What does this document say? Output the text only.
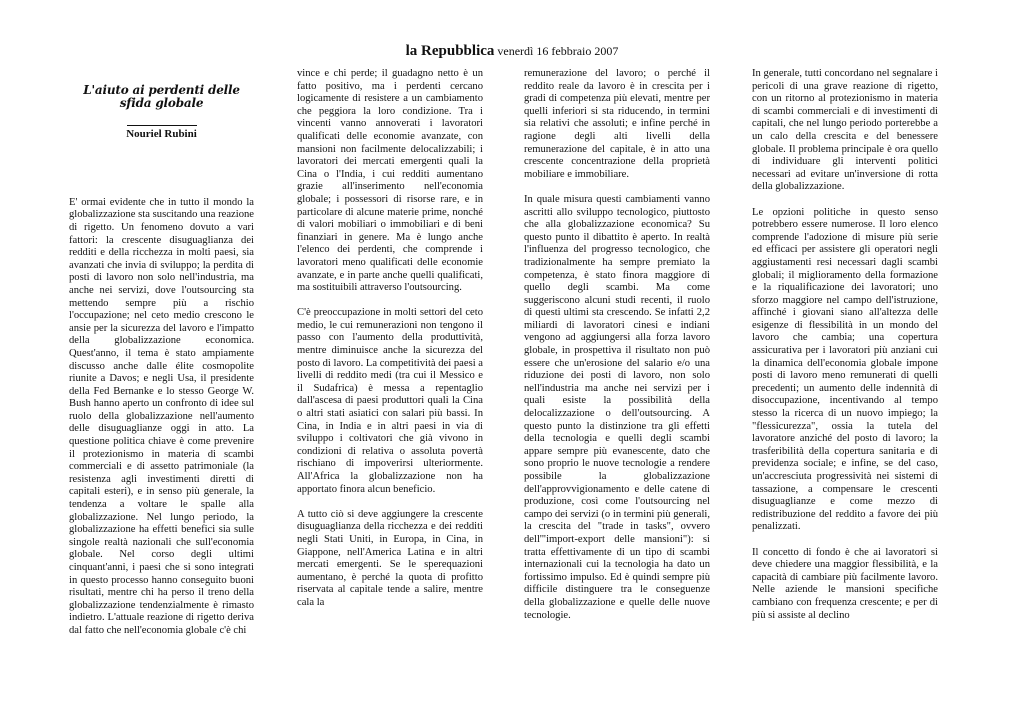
la Repubblica venerdì 16 febbraio 2007
L'aiuto ai perdenti delle sfida globale
Nouriel Rubini

E' ormai evidente che in tutto il mondo la globalizzazione sta suscitando una reazione di rigetto. Un fenomeno dovuto a vari fattori: la crescente disuguaglianza dei redditi e della ricchezza in molti paesi, sia avanzati che invia di sviluppo; la perdita di posti di lavoro non solo nell'industria, ma anche nei servizi, dove l'outsourcing sta mettendo sempre più a rischio l'occupazione; nel ceto medio crescono le ansie per la sicurezza del lavoro e l'impatto della globalizzazione economica. Quest'anno, il tema è stato ampiamente discusso anche dalle élite cosmopolite riunite a Davos; e negli Usa, il presidente della Fed Bernanke e lo stesso George W. Bush hanno aperto un confronto di idee sul ruolo della globalizzazione nell'aumento delle disuguaglianze oggi in atto. La questione politica chiave è come prevenire il protezionismo in materia di scambi commerciali e di assetto patrimoniale (la resistenza agli investimenti diretti di capitali esteri), e in senso più generale, la tendenza a voltare le spalle alla globalizzazione. Nel lungo periodo, la globalizzazione ha effetti benefici sia sulle singole realtà nazionali che sull'economia globale. Nel corso degli ultimi cinquant'anni, i paesi che si sono integrati in questo processo hanno conseguito buoni risultati, mentre chi ha perso il treno della globalizzazione tendenzialmente è rimasto indietro. L'attuale reazione di rigetto deriva dal fatto che nell'economia globale c'è chi

vince e chi perde; il guadagno netto è un fatto positivo, ma i perdenti cercano logicamente di resistere a un cambiamento che peggiora la loro condizione. Tra i vincenti vanno annoverati i lavoratori qualificati delle economie avanzate, con mansioni non facilmente delocalizzabili; i lavoratori dei mercati emergenti quali la Cina o l'India, i cui redditi aumentano grazie all'inserimento nell'economia globale; i possessori di risorse rare, e in particolare di alcune materie prime, nonché di valori mobiliari o immobiliari e di beni finanziari in genere. Ma è lungo anche l'elenco dei perdenti, che comprende i lavoratori meno qualificati delle economie avanzate, e in parte anche quelli qualificati, ma sostituibili attraverso l'outsourcing.

C'è preoccupazione in molti settori del ceto medio, le cui remunerazioni non tengono il passo con l'aumento della produttività, mentre diminuisce anche la sicurezza del posto di lavoro. La competitività dei paesi a livelli di reddito medi (tra cui il Messico e il Sudafrica) è messa a repentaglio dall'ascesa di paesi produttori quali la Cina o altri stati asiatici con salari più bassi. In Cina, in India e in altri paesi in via di sviluppo i coltivatori che già vivono in condizioni di relativa o assoluta povertà rischiano di impoverirsi ulteriormente. All'Africa la globalizzazione non ha apportato finora alcun beneficio.

A tutto ciò si deve aggiungere la crescente disuguaglianza della ricchezza e dei redditi negli Stati Uniti, in Europa, in Cina, in Giappone, nell'America Latina e in altri mercati emergenti. Se le sperequazioni aumentano, è perché la quota di profitto riservata al capitale tende a salire, mentre cala la

remunerazione del lavoro; o perché il reddito reale da lavoro è in crescita per i gradi di competenza più elevati, mentre per quelli inferiori si sta riducendo, in termini sia relativi che assoluti; e infine perché in ragione degli alti livelli della remunerazione del capitale, è in atto una crescente concentrazione della proprietà mobiliare e immobiliare.

In quale misura questi cambiamenti vanno ascritti allo sviluppo tecnologico, piuttosto che alla globalizzazione economica? Su questo punto il dibattito è aperto. In realtà l'influenza del progresso tecnologico, che tradizionalmente ha sempre premiato la competenza, è stato finora maggiore di quello degli scambi. Ma come suggeriscono alcuni studi recenti, il ruolo di questi ultimi sta crescendo. Se infatti 2,2 miliardi di lavoratori cinesi e indiani vengono ad aggiungersi alla forza lavoro globale, in prospettiva il risultato non può essere che un'erosione del salario e/o una riduzione dei posti di lavoro, non solo nell'industria ma anche nei servizi per i quali esiste la possibilità della delocalizzazione o dell'outsourcing. A questo punto la distinzione tra gli effetti della tecnologia e quelli degli scambi appare sempre più evanescente, dato che sono proprio le nuove tecnologie a rendere possibile la globalizzazione dell'approvvigionamento e delle catene di produzione, così come l'outsourcing nel campo dei servizi (o in termini più generali, la crescita del "trade in tasks", ovvero dell'"import-export delle mansioni"): si tratta effettivamente di un tipo di scambi internazionali cui la tecnologia ha dato un fortissimo impulso. Ed è quindi sempre più difficile distinguere tra le conseguenze della globalizzazione e quelle delle nuove tecnologie.

In generale, tutti concordano nel segnalare i pericoli di una grave reazione di rigetto, con un ritorno al protezionismo in materia di scambi commerciali e di investimenti di capitali, che nel lungo periodo porterebbe a un calo della crescita e del benessere globale. Il problema principale è ora quello di individuare gli interventi politici necessari ad evitare un'inversione di rotta della globalizzazione.

Le opzioni politiche in questo senso potrebbero essere numerose. Il loro elenco comprende l'adozione di misure più serie ed efficaci per assistere gli operatori negli aggiustamenti resi necessari dagli scambi globali; il miglioramento della formazione e la riqualificazione dei lavoratori; uno sforzo maggiore nel campo dell'istruzione, affinché i giovani siano all'altezza delle esigenze di flessibilità in un mondo del lavoro che cambia; una copertura assicurativa per i lavoratori più anziani cui la dinamica dell'economia globale impone posti di lavoro meno remunerati di quelli precedenti; un aumento delle indennità di disoccupazione, incentivando al tempo stesso la ricerca di un nuovo impiego; la "flessicurezza", ossia la tutela del lavoratore anziché del posto di lavoro; la trasferibilità della copertura sanitaria e di previdenza sociale; e infine, se del caso, un'accresciuta progressività nei sistemi di tassazione, a compensare le crescenti disuguaglianze e come mezzo di redistribuzione del reddito a favore dei più penalizzati.

Il concetto di fondo è che ai lavoratori si deve chiedere una maggior flessibilità, e la capacità di cambiare più facilmente lavoro. Nelle aziende le mansioni specifiche cambiano con frequenza crescente; e per di più si assiste al declino
